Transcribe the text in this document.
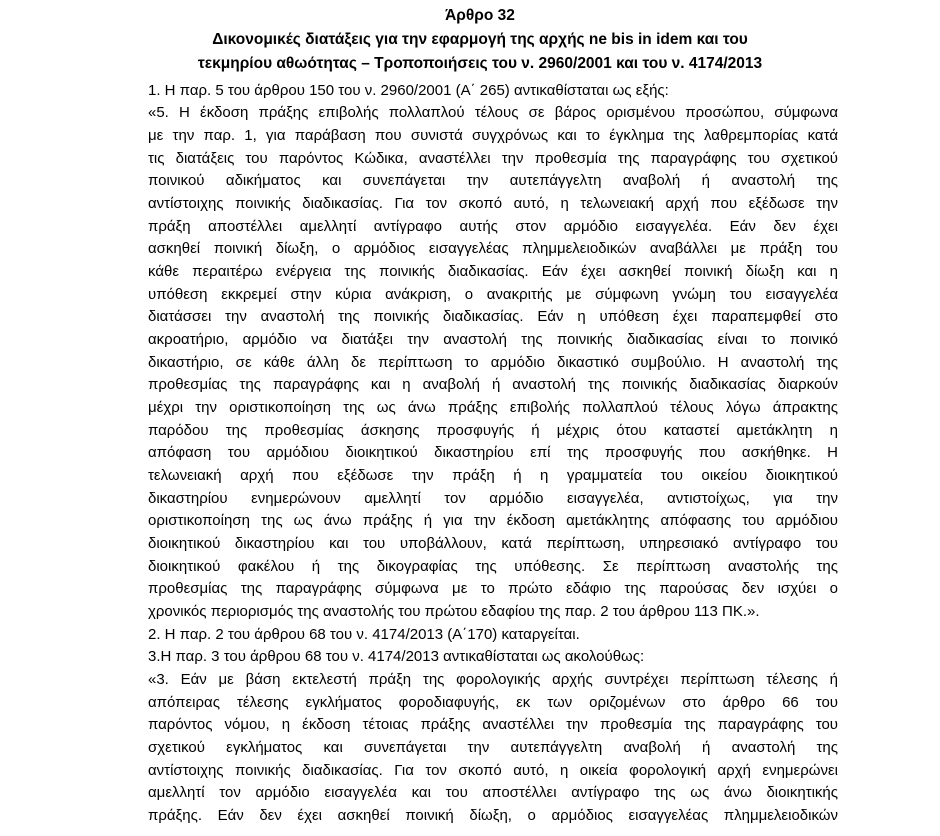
Άρθρο 32

Δικονομικές διατάξεις για την εφαρμογή της αρχής ne bis in idem και του

τεκμηρίου αθωότητας – Τροποποιήσεις του ν. 2960/2001 και του ν. 4174/2013

1. Η παρ. 5 του άρθρου 150 του ν. 2960/2001 (Α΄ 265) αντικαθίσταται ως εξής:

«5. Η έκδοση πράξης επιβολής πολλαπλού τέλους σε βάρος ορισμένου προσώπου, σύμφωνα

με την παρ. 1, για παράβαση που συνιστά συγχρόνως και το έγκλημα της λαθρεμπορίας κατά

τις διατάξεις του παρόντος Κώδικα, αναστέλλει την προθεσμία της παραγράφης του σχετικού

ποινικού αδικήματος και συνεπάγεται την αυτεπάγγελτη αναβολή ή αναστολή της

αντίστοιχης ποινικής διαδικασίας. Για τον σκοπό αυτό, η τελωνειακή αρχή που εξέδωσε την

πράξη αποστέλλει αμελλητί αντίγραφο αυτής στον αρμόδιο εισαγγελέα. Εάν δεν έχει

ασκηθεί ποινική δίωξη, ο αρμόδιος εισαγγελέας πλημμελειοδικών αναβάλλει με πράξη του

κάθε περαιτέρω ενέργεια της ποινικής διαδικασίας. Εάν έχει ασκηθεί ποινική δίωξη και η

υπόθεση εκκρεμεί στην κύρια ανάκριση, ο ανακριτής με σύμφωνη γνώμη του εισαγγελέα

διατάσσει την αναστολή της ποινικής διαδικασίας. Εάν η υπόθεση έχει παραπεμφθεί στο

ακροατήριο, αρμόδιο να διατάξει την αναστολή της ποινικής διαδικασίας είναι το ποινικό

δικαστήριο, σε κάθε άλλη δε περίπτωση το αρμόδιο δικαστικό συμβούλιο. Η αναστολή της

προθεσμίας της παραγράφης και η αναβολή ή αναστολή της ποινικής διαδικασίας διαρκούν

μέχρι την οριστικοποίηση της ως άνω πράξης επιβολής πολλαπλού τέλους λόγω άπρακτης

παρόδου της προθεσμίας άσκησης προσφυγής ή μέχρις ότου καταστεί αμετάκλητη η

απόφαση του αρμόδιου διοικητικού δικαστηρίου επί της προσφυγής που ασκήθηκε. Η

τελωνειακή αρχή που εξέδωσε την πράξη ή η γραμματεία του οικείου διοικητικού

δικαστηρίου ενημερώνουν αμελλητί τον αρμόδιο εισαγγελέα, αντιστοίχως, για την

οριστικοποίηση της ως άνω πράξης ή για την έκδοση αμετάκλητης απόφασης του αρμόδιου

διοικητικού δικαστηρίου και του υποβάλλουν, κατά περίπτωση, υπηρεσιακό αντίγραφο του

διοικητικού φακέλου ή της δικογραφίας της υπόθεσης. Σε περίπτωση αναστολής της

προθεσμίας της παραγράφης σύμφωνα με το πρώτο εδάφιο της παρούσας δεν ισχύει ο

χρονικός περιορισμός της αναστολής του πρώτου εδαφίου της παρ. 2 του άρθρου 113 ΠΚ.».

2. Η παρ. 2 του άρθρου 68 του ν. 4174/2013 (Α΄170) καταργείται.

3.Η παρ. 3 του άρθρου 68 του ν. 4174/2013 αντικαθίσταται ως ακολούθως:

«3. Εάν με βάση εκτελεστή πράξη της φορολογικής αρχής συντρέχει περίπτωση τέλεσης ή

απόπειρας τέλεσης εγκλήματος φοροδιαφυγής, εκ των οριζομένων στο άρθρο 66 του

παρόντος νόμου, η έκδοση τέτοιας πράξης αναστέλλει την προθεσμία της παραγράφης του

σχετικού εγκλήματος και συνεπάγεται την αυτεπάγγελτη αναβολή ή αναστολή της

αντίστοιχης ποινικής διαδικασίας. Για τον σκοπό αυτό, η οικεία φορολογική αρχή ενημερώνει

αμελλητί τον αρμόδιο εισαγγελέα και του αποστέλλει αντίγραφο της ως άνω διοικητικής

πράξης. Εάν δεν έχει ασκηθεί ποινική δίωξη, ο αρμόδιος εισαγγελέας πλημμελειοδικών
